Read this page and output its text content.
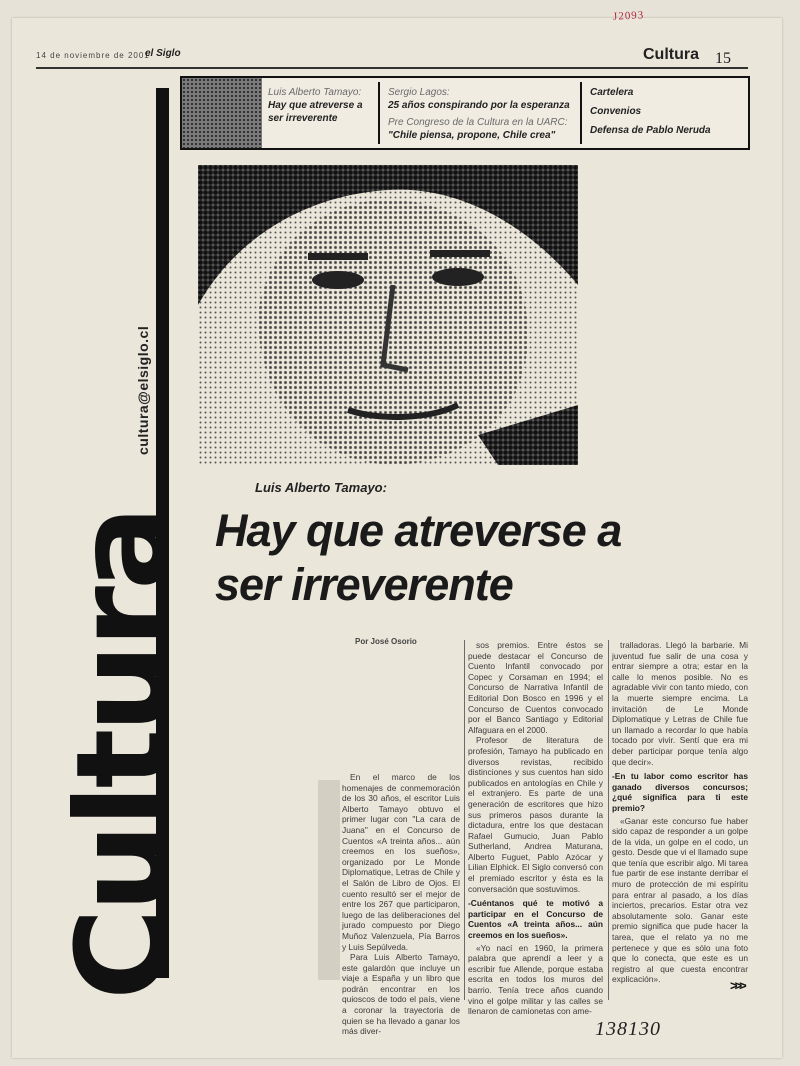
J2093
14 de noviembre de 2001
el Siglo	Cultura 15
Luis Alberto Tamayo:
Hay que atreverse a ser irreverente
Sergio Lagos:
25 años conspirando por la esperanza
Pre Congreso de la Cultura en la UARC:
"Chile piensa, propone, Chile crea"
Cartelera
Convenios
Defensa de Pablo Neruda
Cultura
cultura@elsiglo.cl
Luis Alberto Tamayo:
Hay que atreverse a ser irreverente
Por José Osorio

En el marco de los homenajes de conmemoración de los 30 años, el escritor Luis Alberto Tamayo obtuvo el primer lugar con "La cara de Juana" en el Concurso de Cuentos «A treinta años... aún creemos en los sueños», organizado por Le Monde Diplomatique, Letras de Chile y el Salón de Libro de Ojos. El cuento resultó ser el mejor de entre los 267 que participaron, luego de las deliberaciones del jurado compuesto por Diego Muñoz Valenzuela, Pía Barros y Luis Sepúlveda.

Para Luis Alberto Tamayo, este galardón que incluye un viaje a España y un libro que podrán encontrar en los quioscos de todo el país, viene a coronar la trayectoria de quien se ha llevado a ganar los más diver-

sos premios. Entre éstos se puede destacar el Concurso de Cuento Infantil convocado por Copec y Corsaman en 1994; el Concurso de Narrativa Infantil de Editorial Don Bosco en 1996 y el Concurso de Cuentos convocado por el Banco Santiago y Editorial Alfaguara en el 2000.

Profesor de literatura de profesión, Tamayo ha publicado en diversos revistas, recibido distinciones y sus cuentos han sido publicados en antologías en Chile y el extranjero. Es parte de una generación de escritores que hizo sus primeros pasos durante la dictadura, entre los que destacan Rafael Gumucio, Juan Pablo Sutherland, Andrea Maturana, Alberto Fuguet, Pablo Azócar y Lilian Elphick. El Siglo conversó con el premiado escritor y ésta es la conversación que sostuvimos.

-Cuéntanos qué te motivó a participar en el Concurso de Cuentos «A treinta años... aún creemos en los sueños».

«Yo nací en 1960, la primera palabra que aprendí a leer y a escribir fue Allende, porque estaba escrita en todos los muros del barrio. Tenía trece años cuando vino el golpe militar y las calles se llenaron de camionetas con ame-

tralladoras. Llegó la barbarie. Mi juventud fue salir de una cosa y entrar siempre a otra; estar en la calle lo menos posible. No es agradable vivir con tanto miedo, con la muerte siempre encima. La invitación de Le Monde Diplomatique y Letras de Chile fue un llamado a recordar lo que había tocado por vivir. Sentí que era mi deber participar porque tenía algo que decir».

-En tu labor como escritor has ganado diversos concursos; ¿qué significa para ti este premio?

«Ganar este concurso fue haber sido capaz de responder a un golpe de la vida, un golpe en el codo, un gesto. Desde que vi el llamado supe que tenía que escribir algo. Mi tarea fue partir de ese instante derribar el muro de protección de mi espíritu para entrar al pasado, a los días inciertos, precarios. Estar otra vez absolutamente solo. Ganar este premio significa que pude hacer la tarea, que el relato ya no me pertenece y que es sólo una foto que lo conecta, que este es un registro al que cuesta encontrar explicación».	>>>
138130
